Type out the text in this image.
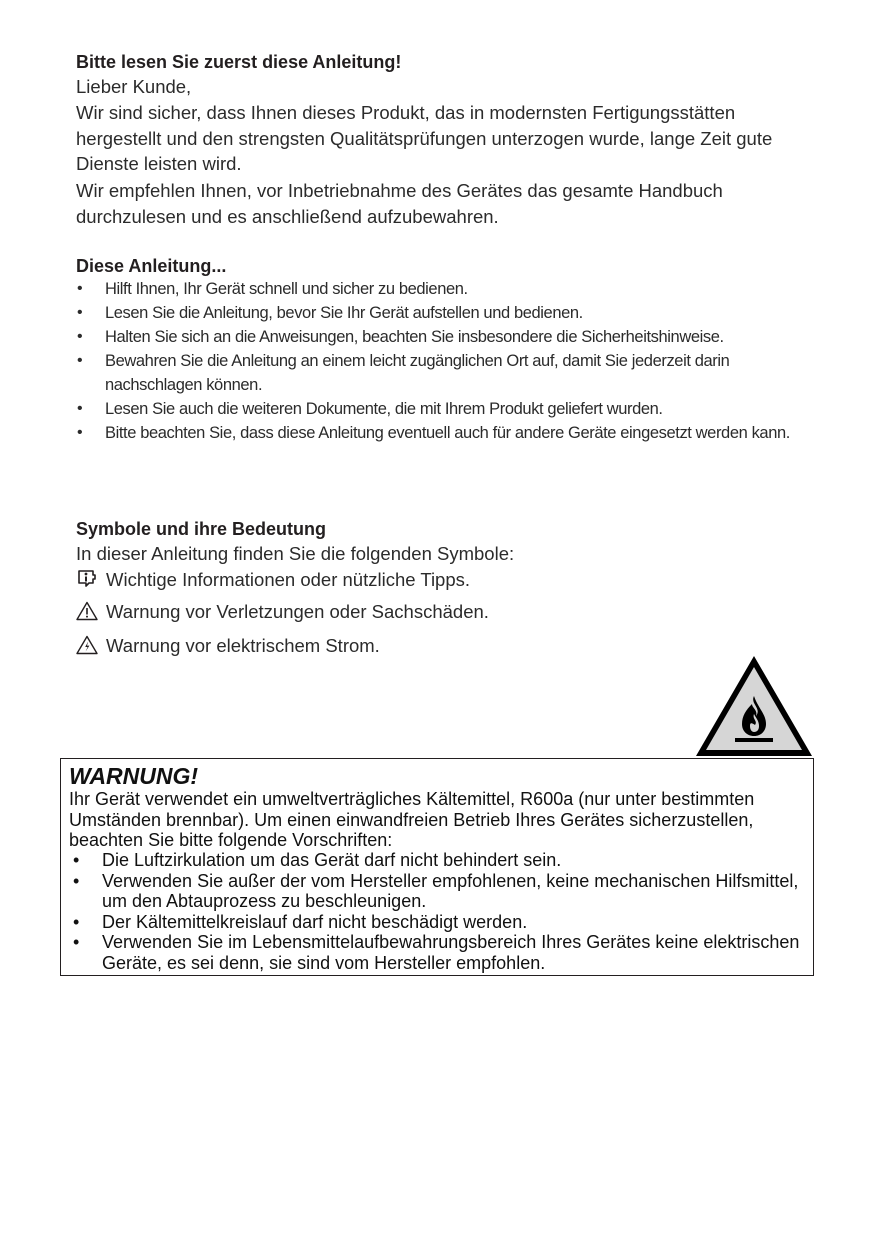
Bitte lesen Sie zuerst diese Anleitung!
Lieber Kunde,
Wir sind sicher, dass Ihnen dieses Produkt, das in modernsten Fertigungsstätten hergestellt und den strengsten Qualitätsprüfungen unterzogen wurde, lange Zeit gute Dienste leisten wird.
Wir empfehlen Ihnen, vor Inbetriebnahme des Gerätes das gesamte Handbuch durchzulesen und es anschließend aufzubewahren.
Diese Anleitung...
• Hilft Ihnen, Ihr Gerät schnell und sicher zu bedienen.
• Lesen Sie die Anleitung, bevor Sie Ihr Gerät aufstellen und bedienen.
• Halten Sie sich an die Anweisungen, beachten Sie insbesondere die Sicherheitshinweise.
• Bewahren Sie die Anleitung an einem leicht zugänglichen Ort auf, damit Sie jederzeit darin nachschlagen können.
• Lesen Sie auch die weiteren Dokumente, die mit Ihrem Produkt geliefert wurden.
• Bitte beachten Sie, dass diese Anleitung eventuell auch für andere Geräte eingesetzt werden kann.
Symbole und ihre Bedeutung
In dieser Anleitung finden Sie die folgenden Symbole:
Wichtige Informationen oder nützliche Tipps.
Warnung vor Verletzungen oder Sachschäden.
Warnung vor elektrischem Strom.
WARNUNG!
Ihr Gerät verwendet ein umweltverträgliches Kältemittel, R600a (nur unter bestimmten Umständen brennbar). Um einen einwandfreien Betrieb Ihres Gerätes sicherzustellen, beachten Sie bitte folgende Vorschriften:
• Die Luftzirkulation um das Gerät darf nicht behindert sein.
• Verwenden Sie außer der vom Hersteller empfohlenen, keine mechanischen Hilfsmittel, um den Abtauprozess zu beschleunigen.
• Der Kältemittelkreislauf darf nicht beschädigt werden.
• Verwenden Sie im Lebensmittelaufbewahrungsbereich Ihres Gerätes keine elektrischen Geräte, es sei denn, sie sind vom Hersteller empfohlen.
